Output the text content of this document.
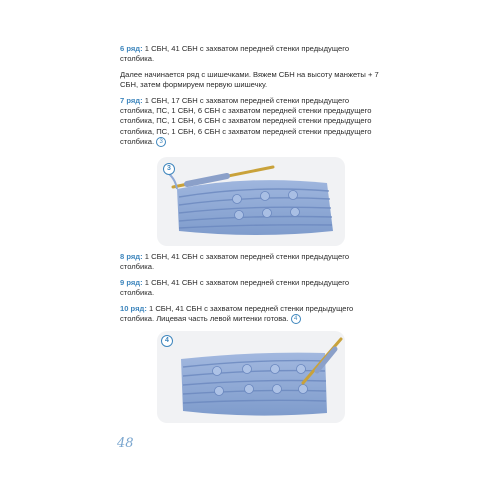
6 ряд: 1 СБН, 41 СБН с захватом передней стенки предыдущего столбика.

Далее начинается ряд с шишечками. Вяжем СБН на высоту манжеты + 7 СБН, затем формируем первую шишечку.

7 ряд: 1 СБН, 17 СБН с захватом передней стенки предыдущего столбика, ПС, 1 СБН, 6 СБН с захватом передней стенки предыдущего столбика, ПС, 1 СБН, 6 СБН с захватом передней стенки предыдущего столбика, ПС, 1 СБН, 6 СБН с захватом передней стенки предыдущего столбика. 3

3

8 ряд: 1 СБН, 41 СБН с захватом передней стенки предыдущего столбика.

9 ряд: 1 СБН, 41 СБН с захватом передней стенки предыдущего столбика.

10 ряд: 1 СБН, 41 СБН с захватом передней стенки предыдущего столбика. Лицевая часть левой митенки готова. 4

4
48
